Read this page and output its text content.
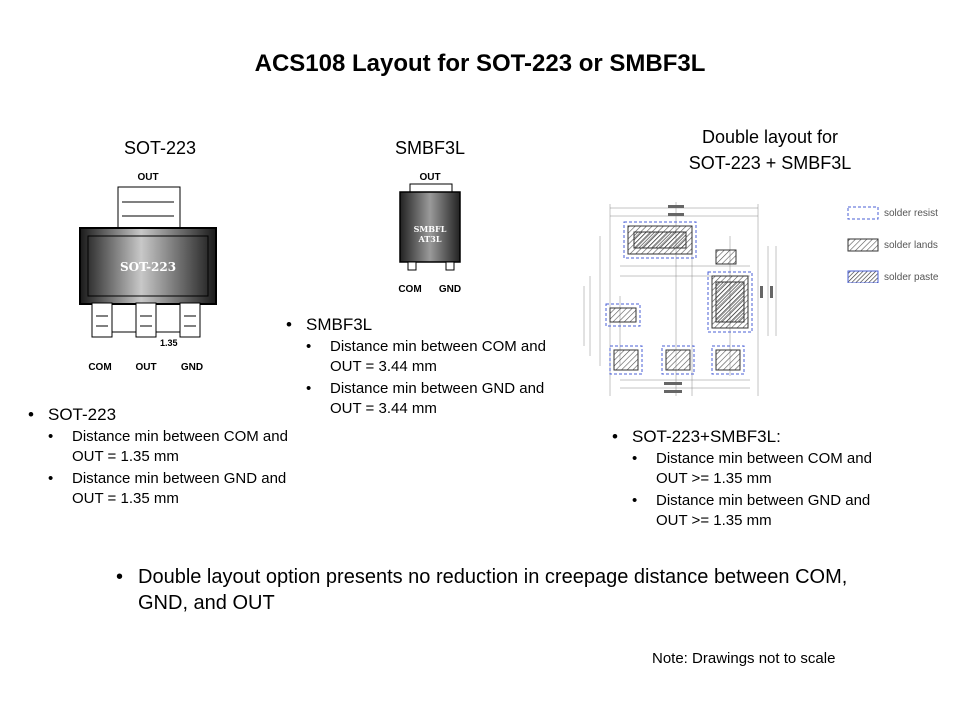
ACS108 Layout for SOT-223 or SMBF3L
SOT-223	SMBF3L
Double layout for
SOT-223 + SMBF3L
OUT
SOT-223
1.35
COM OUT GND
OUT
SMBFL
AT3L
COM GND
solder resist
solder lands
solder paste
• SMBF3L
• Distance min between COM and OUT = 3.44 mm
• Distance min between GND and OUT = 3.44 mm
• SOT-223
• Distance min between COM and OUT = 1.35 mm
• Distance min between GND and OUT = 1.35 mm
• SOT-223+SMBF3L:
• Distance min between COM and OUT >= 1.35 mm
• Distance min between GND and OUT >= 1.35 mm
• Double layout option presents no reduction in creepage distance between COM, GND, and OUT
Note: Drawings not to scale
